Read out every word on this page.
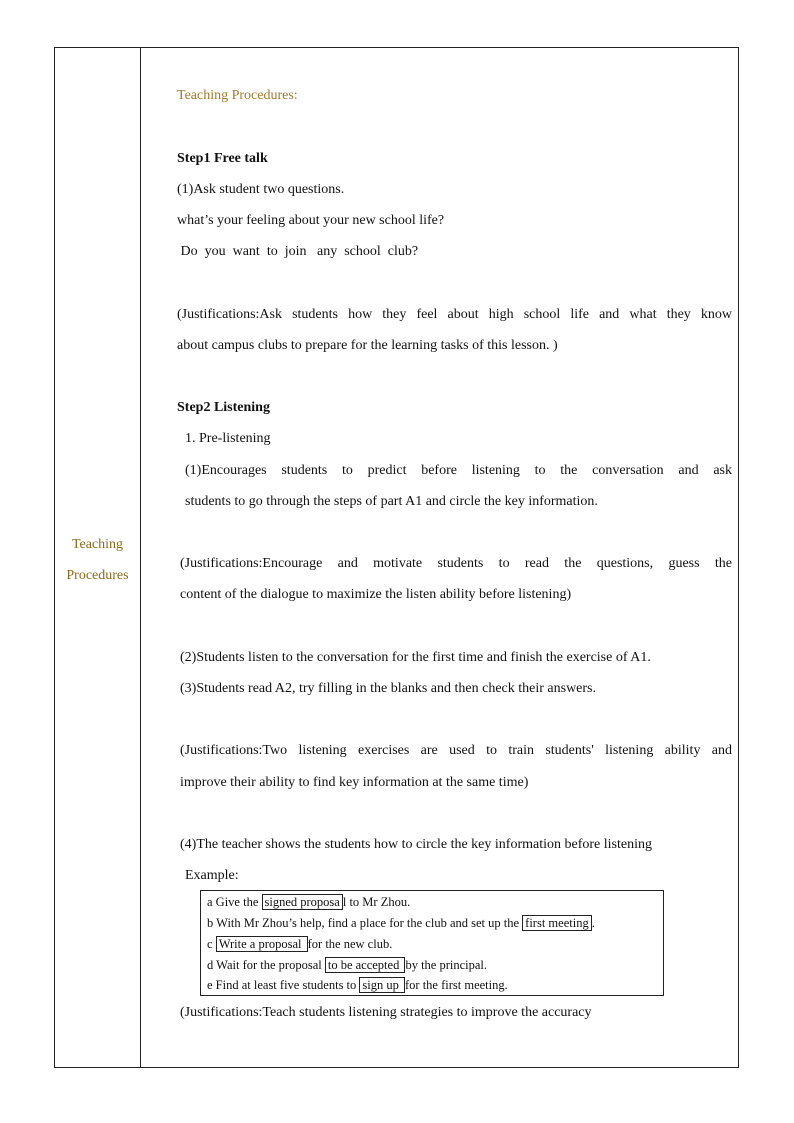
Teaching
Procedures
Teaching Procedures:
Step1 Free talk
(1)Ask student two questions.
what’s your feeling about your new school life?
Do  you  want  to  join   any  school  club?
(Justifications:Ask students how they feel about high school life and what they know
about campus clubs to prepare for the learning tasks of this lesson. )
Step2 Listening
1. Pre-listening
(1)Encourages students to predict before listening to the conversation and ask
students to go through the steps of part A1 and circle the key information.
(Justifications:Encourage and motivate students to read the questions, guess the
content of the dialogue to maximize the listen ability before listening)
(2)Students listen to the conversation for the first time and finish the exercise of A1.
(3)Students read A2, try filling in the blanks and then check their answers.
(Justifications:Two listening exercises are used to train students' listening ability and
improve their ability to find key information at the same time)
(4)The teacher shows the students how to circle the key information before listening
Example:
a Give the signed proposa l to Mr Zhou.
b With Mr Zhou’s help, find a place for the club and set up the first meeting .
c Write a proposal for the new club.
d Wait for the proposal to be accepted by the principal.
e Find at least five students to sign up for the first meeting.
(Justifications:Teach students listening strategies to improve the accuracy
